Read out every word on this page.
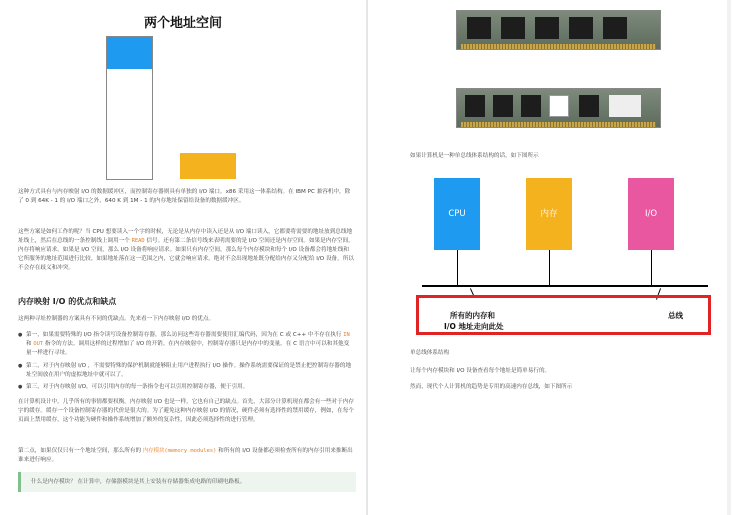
两个地址空间
这种方式具有与内存映射 I/O 的数据缓冲区，而控制寄存器则具有单独的 I/O 端口。x86 采用这一体系结构。在 IBM PC 兼容机中，除了 0 到 64K - 1 的 I/O 端口之外，640 K 到 1M - 1 的内存地址保留给设备的数据缓冲区。
这些方案是如何工作的呢？当 CPU 想要读入一个字的时候，无论是从内存中读入还是从 I/O 端口读入，它都要将需要的地址放到总线地址线上，然后在总线的一条控制线上调用一个 READ 信号。还有第二条信号线来表明需要的是 I/O 空间还是内存空间。如果是内存空间，内存将响应请求。如果是 I/O 空间，那么 I/O 设备将响应请求。如果只有内存空间，那么每个内存模块和每个 I/O 设备都会将地址线和它所服务的地址范围进行比较。如果地址落在这一范围之内，它就会响应请求。绝对不会出现地址既分配给内存又分配给 I/O 设备，所以不会存在歧义和冲突。
内存映射 I/O 的优点和缺点
这两种寻址控制器的方案具有不同的优缺点。先来看一下内存映射 I/O 的优点。
● 第一，如果需要特殊的 I/O 指令读写设备控制寄存器，那么访问这些寄存器需要使用汇编代码，因为在 C 或 C++ 中不存在执行 IN 和 OUT 指令的方法。调用这样的过程增加了 I/O 的开销。在内存映射中，控制寄存器只是内存中的变量，在 C 语言中可以和其他变量一样进行寻址。
● 第二，对于内存映射 I/O ，不需要特殊的保护机制就能够阻止用户进程执行 I/O 操作。操作系统需要保证的是禁止把控制寄存器的地址空间放在用户的虚拟地址中就可以了。
● 第三，对于内存映射 I/O，可以引用内存的每一条指令也可以引用控制寄存器，便于引用。
在计算机设计中，几乎所有的事情都要权衡。内存映射 I/O 也是一样，它也有自己的缺点。首先，大部分计算机现在都会有一些对于内存字的缓存。缓存一个设备控制寄存器的代价是很大的。为了避免这种内存映射 I/O 的情况，硬件必须有选择性的禁用缓存，例如，在每个页面上禁用缓存，这个功能为硬件和操作系统增加了额外的复杂性，因此必须选择性的进行管理。
第二点，如果仅仅只有一个地址空间，那么所有的 内存模块(memory modules) 和所有的 I/O 设备都必须检查所有的内存引用来推断出谁来进行响应。
什么是内存模块？ 在计算中，存储器模块是其上安装有存储器集成电路的印刷电路板。
如果计算机是一种单总线体系结构的话，如下图所示
CPU	内存	I/O
所有的内存和
I/O 地址走向此处
总线
单总线体系结构
让每个内存模块和 I/O 设备查看每个地址是简单易行的。
然而，现代个人计算机的趋势是专用的高速内存总线，如下图所示
